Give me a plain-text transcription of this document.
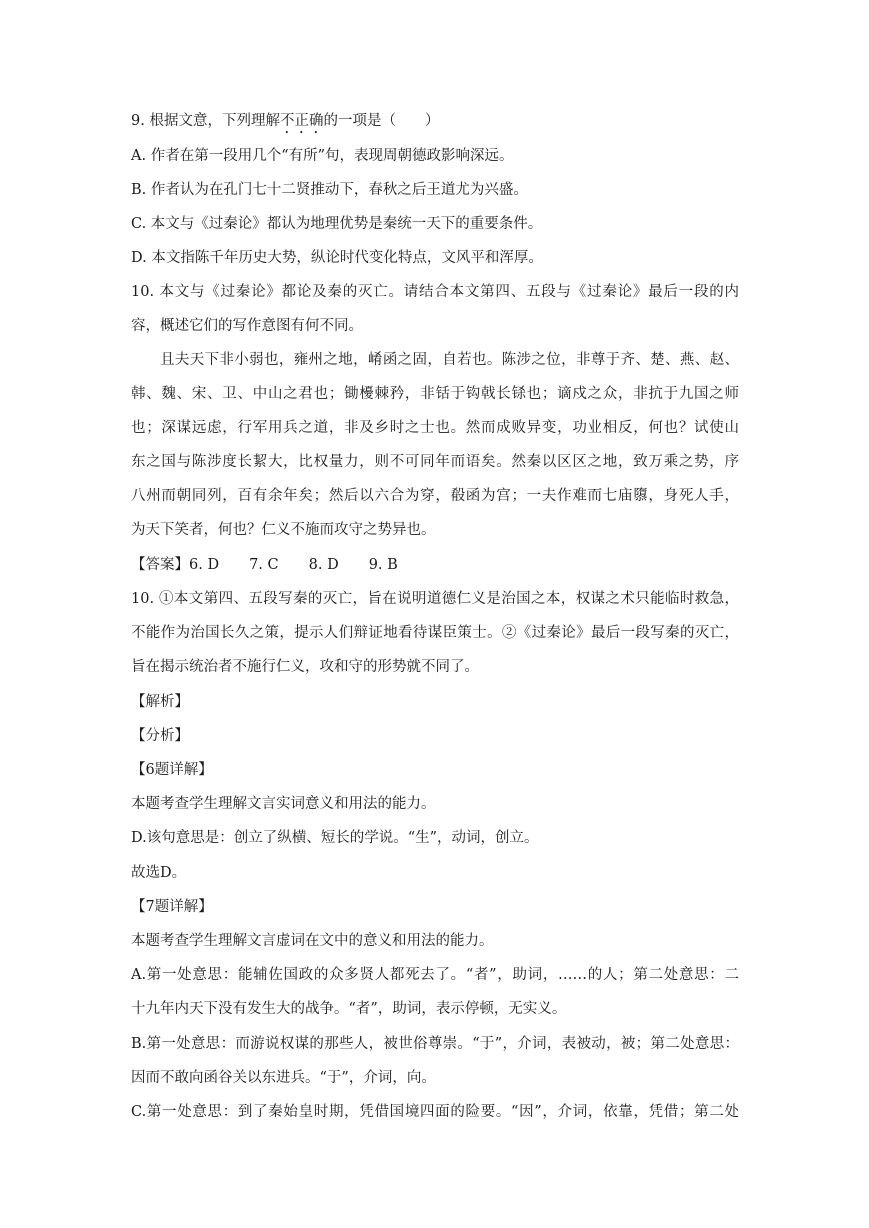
9. 根据文意，下列理解不正确的一项是（　　）
A. 作者在第一段用几个“有所”句，表现周朝德政影响深远。
B. 作者认为在孔门七十二贤推动下，春秋之后王道尤为兴盛。
C. 本文与《过秦论》都认为地理优势是秦统一天下的重要条件。
D. 本文指陈千年历史大势，纵论时代变化特点，文风平和浑厚。
10. 本文与《过秦论》都论及秦的灭亡。请结合本文第四、五段与《过秦论》最后一段的内
容，概述它们的写作意图有何不同。
且夫天下非小弱也，雍州之地，崤函之固，自若也。陈涉之位，非尊于齐、楚、燕、赵、
韩、魏、宋、卫、中山之君也；锄櫌棘矜，非铦于钩戟长铩也；谪戍之众，非抗于九国之师
也；深谋远虑，行军用兵之道，非及乡时之士也。然而成败异变，功业相反，何也？试使山
东之国与陈涉度长絜大，比权量力，则不可同年而语矣。然秦以区区之地，致万乘之势，序
八州而朝同列，百有余年矣；然后以六合为穿，殽函为宫；一夫作难而七庙隳，身死人手，
为天下笑者，何也？仁义不施而攻守之势异也。
【答案】6. D 7. C 8. D 9. B
10. ①本文第四、五段写秦的灭亡，旨在说明道德仁义是治国之本，权谋之术只能临时救急，
不能作为治国长久之策，提示人们辩证地看待谋臣策士。②《过秦论》最后一段写秦的灭亡，
旨在揭示统治者不施行仁义，攻和守的形势就不同了。
【解析】
【分析】
【6题详解】
本题考查学生理解文言实词意义和用法的能力。
D.该句意思是：创立了纵横、短长的学说。“生”，动词，创立。
故选D。
【7题详解】
本题考查学生理解文言虚词在文中的意义和用法的能力。
A.第一处意思：能辅佐国政的众多贤人都死去了。“者”，助词，……的人；第二处意思：二
十九年内天下没有发生大的战争。“者”，助词，表示停顿，无实义。
B.第一处意思：而游说权谋的那些人，被世俗尊崇。“于”，介词，表被动，被；第二处意思：
因而不敢向函谷关以东进兵。“于”，介词，向。
C.第一处意思：到了秦始皇时期，凭借国境四面的险要。“因”，介词，依靠，凭借；第二处
